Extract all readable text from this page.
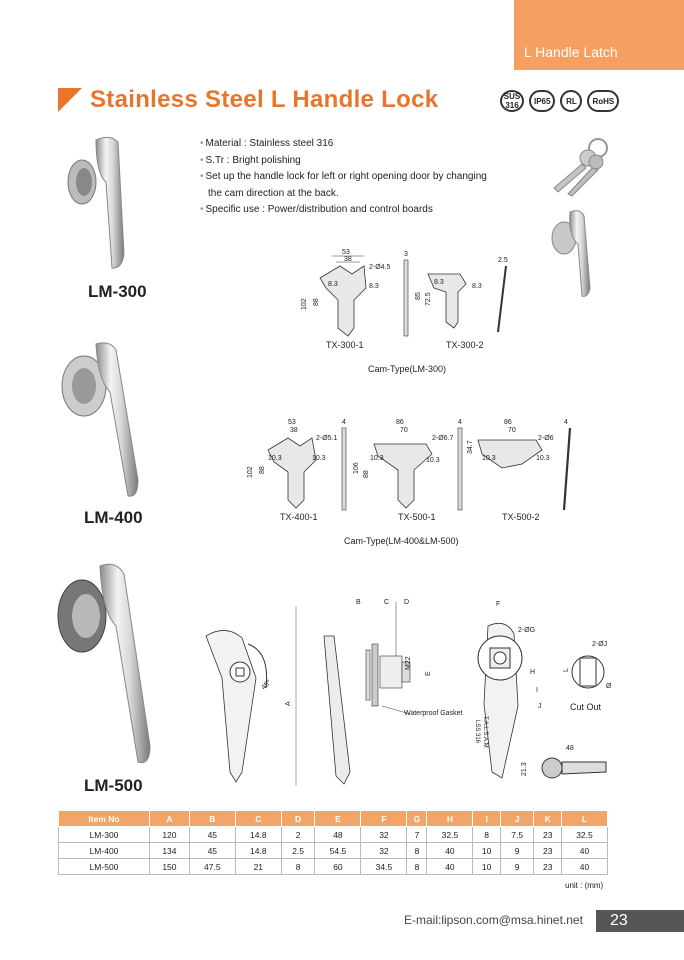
L Handle Latch
Stainless Steel L Handle Lock	SUS 316	IP65	RL	RoHS
• Material : Stainless steel 316
• S.Tr : Bright polishing
• Set up the handle lock for left or right opening door by changing
the cam direction at the back.
• Specific use : Power/distribution and control boards
LM-300
53
38
2-Ø4.5
8.3	8.3
102 88
3
85 72.5
8.3
8.3
2.5
TX-300-1	TX-300-2
Cam-Type(LM-300)
LM-400
53
38
2-Ø5.1
10.3	10.3
102 88
4	86
70
2-Ø6.7
10.3	10.3
106
88
4	86
70
2-Ø6
10.3	10.3
34.7
4
TX-400-1	TX-500-1	TX-500-2
Cam-Type(LM-400&LM-500)
LM-500
45°
A
B	C D
M22
E
2-ØG
F
H
I
J
2-ØJ
L
Ø
48
21.3
Waterproof Gasket
Cut Out
T.A.L.S.A.M
LSS 316
Item No	A	B	C	D	E	F	G	H	I	J	K	L
LM-300	120	45	14.8	2	48	32	7	32.5	8	7.5	23	32.5
LM-400	134	45	14.8	2.5	54.5	32	8	40	10	9	23	40
LM-500	150	47.5	21	8	60	34.5	8	40	10	9	23	40
unit : (mm)
E-mail:lipson.com@msa.hinet.net	23
